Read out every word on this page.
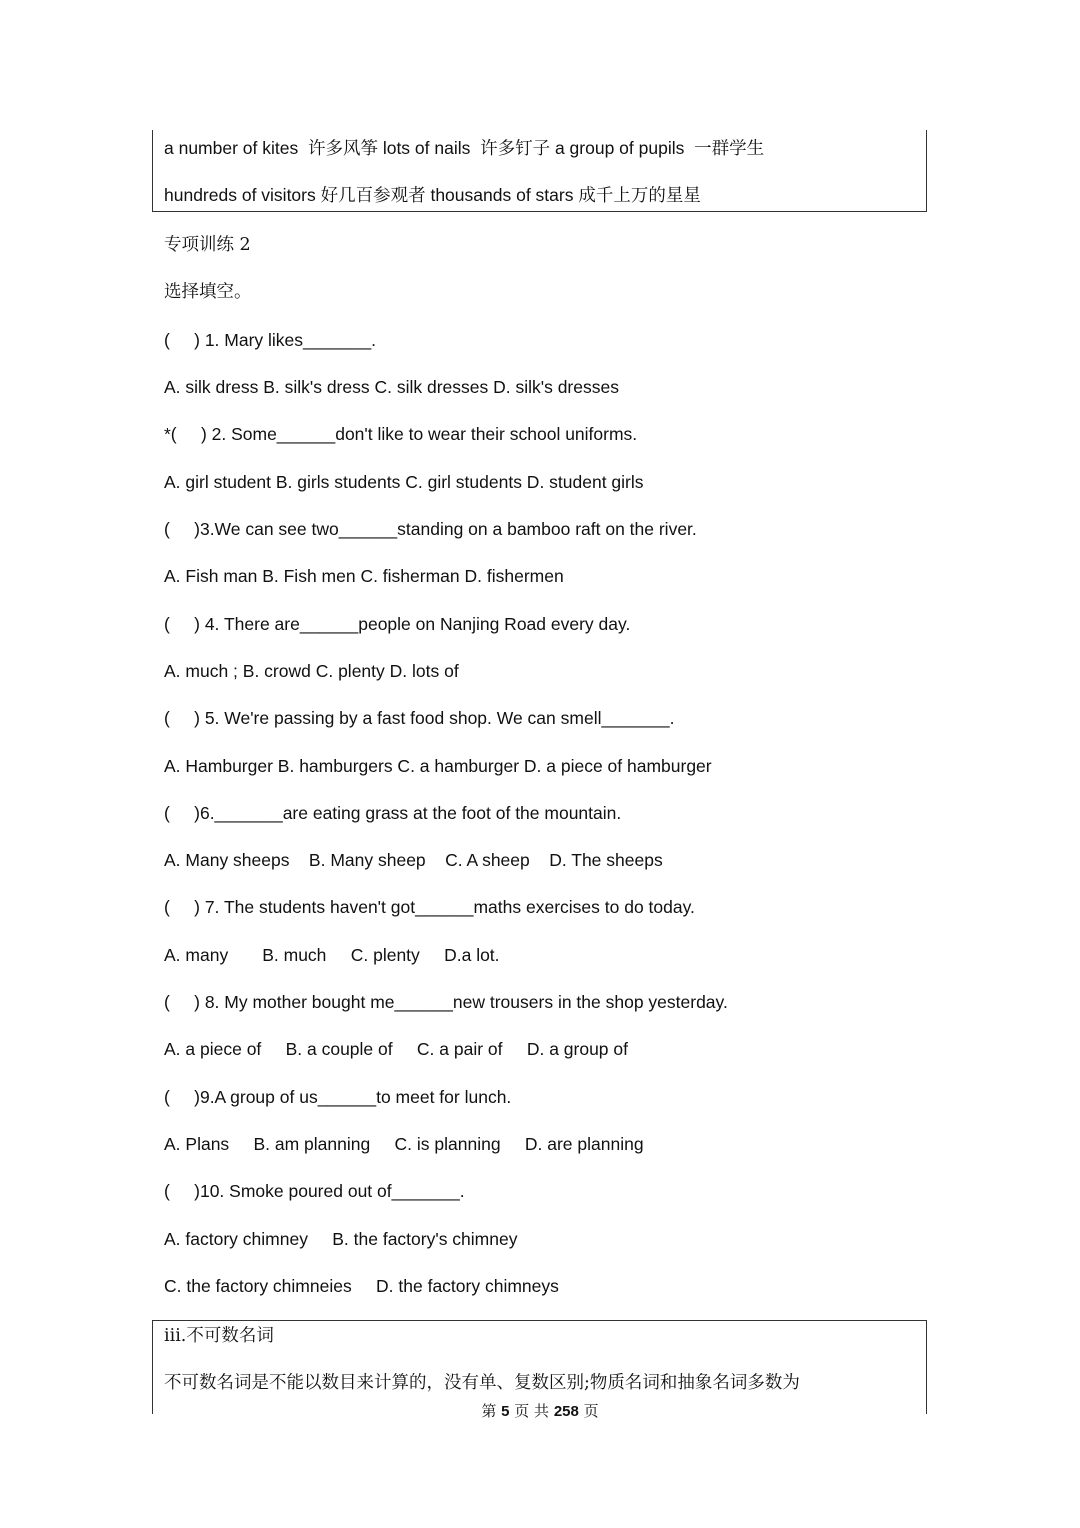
a number of kites  许多风筝 lots of nails  许多钉子 a group of pupils  一群学生
hundreds of visitors 好几百参观者 thousands of stars 成千上万的星星
专项训练 2
选择填空。
(     ) 1. Mary likes_______.
A. silk dress B. silk's dress C. silk dresses D. silk's dresses
*(     ) 2. Some______don't like to wear their school uniforms.
A. girl student B. girls students C. girl students D. student girls
(     )3.We can see two______standing on a bamboo raft on the river.
A. Fish man B. Fish men C. fisherman D. fishermen
(     ) 4. There are______people on Nanjing Road every day.
A. much ; B. crowd C. plenty D. lots of
(     ) 5. We're passing by a fast food shop. We can smell_______.
A. Hamburger B. hamburgers C. a hamburger D. a piece of hamburger
(     )6._______are eating grass at the foot of the mountain.
A. Many sheeps    B. Many sheep    C. A sheep    D. The sheeps
(     ) 7. The students haven't got______maths exercises to do today.
A. many       B. much     C. plenty     D.a lot.
(     ) 8. My mother bought me______new trousers in the shop yesterday.
A. a piece of     B. a couple of     C. a pair of     D. a group of
(     )9.A group of us______to meet for lunch.
A. Plans     B. am planning     C. is planning     D. are planning
(     )10. Smoke poured out of_______.
A. factory chimney     B. the factory's chimney
C. the factory chimneies     D. the factory chimneys
iii.不可数名词
不可数名词是不能以数目来计算的，没有单、复数区别;物质名词和抽象名词多数为
第 5 页 共 258 页
